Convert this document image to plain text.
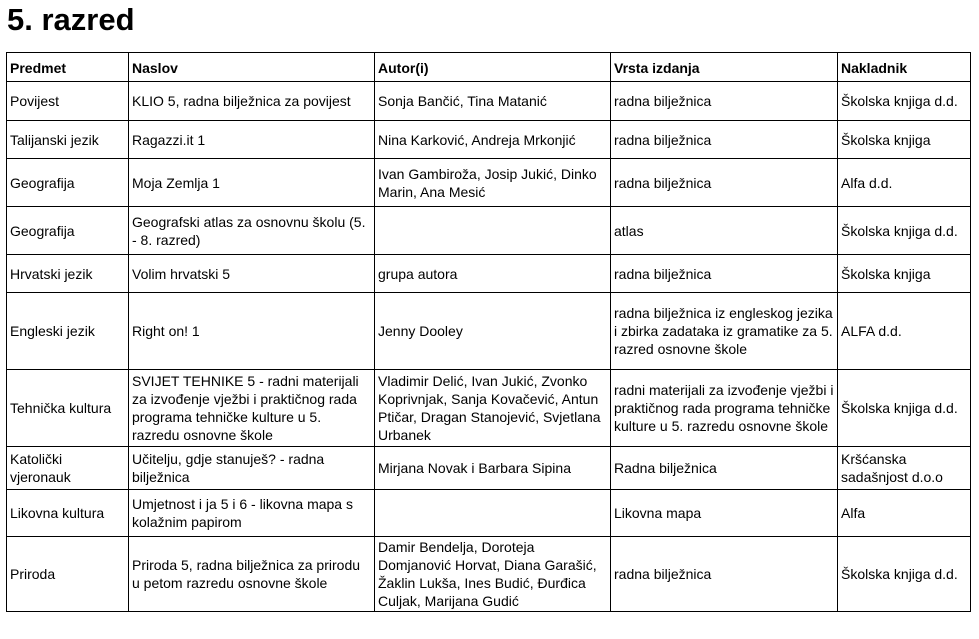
5. razred
Predmet	Naslov	Autor(i)	Vrsta izdanja	Nakladnik
Povijest	KLIO 5, radna bilježnica za povijest	Sonja Bančić, Tina Matanić	radna bilježnica	Školska knjiga d.d.
Talijanski jezik	Ragazzi.it 1	Nina Karković, Andreja Mrkonjić	radna bilježnica	Školska knjiga
Geografija	Moja Zemlja 1	Ivan Gambiroža, Josip Jukić, Dinko Marin, Ana Mesić	radna bilježnica	Alfa d.d.
Geografija	Geografski atlas za osnovnu školu (5. - 8. razred)		atlas	Školska knjiga d.d.
Hrvatski jezik	Volim hrvatski 5	grupa autora	radna bilježnica	Školska knjiga
Engleski jezik	Right on! 1	Jenny Dooley	radna bilježnica iz engleskog jezika i zbirka zadataka iz gramatike za 5. razred osnovne škole	ALFA d.d.
Tehnička kultura	SVIJET TEHNIKE 5 - radni materijali za izvođenje vježbi i praktičnog rada programa tehničke kulture u 5. razredu osnovne škole	Vladimir Delić, Ivan Jukić, Zvonko Koprivnjak, Sanja Kovačević, Antun Ptičar, Dragan Stanojević, Svjetlana Urbanek	radni materijali za izvođenje vježbi i praktičnog rada programa tehničke kulture u 5. razredu osnovne škole	Školska knjiga d.d.
Katolički vjeronauk	Učitelju, gdje stanuješ? - radna bilježnica	Mirjana Novak i Barbara Sipina	Radna bilježnica	Kršćanska sadašnjost d.o.o
Likovna kultura	Umjetnost i ja 5 i 6 - likovna mapa s kolažnim papirom		Likovna mapa	Alfa
Priroda	Priroda 5, radna bilježnica za prirodu u petom razredu osnovne škole	Damir Bendelja, Doroteja Domjanović Horvat, Diana Garašić, Žaklin Lukša, Ines Budić, Đurđica Culjak, Marijana Gudić	radna bilježnica	Školska knjiga d.d.
